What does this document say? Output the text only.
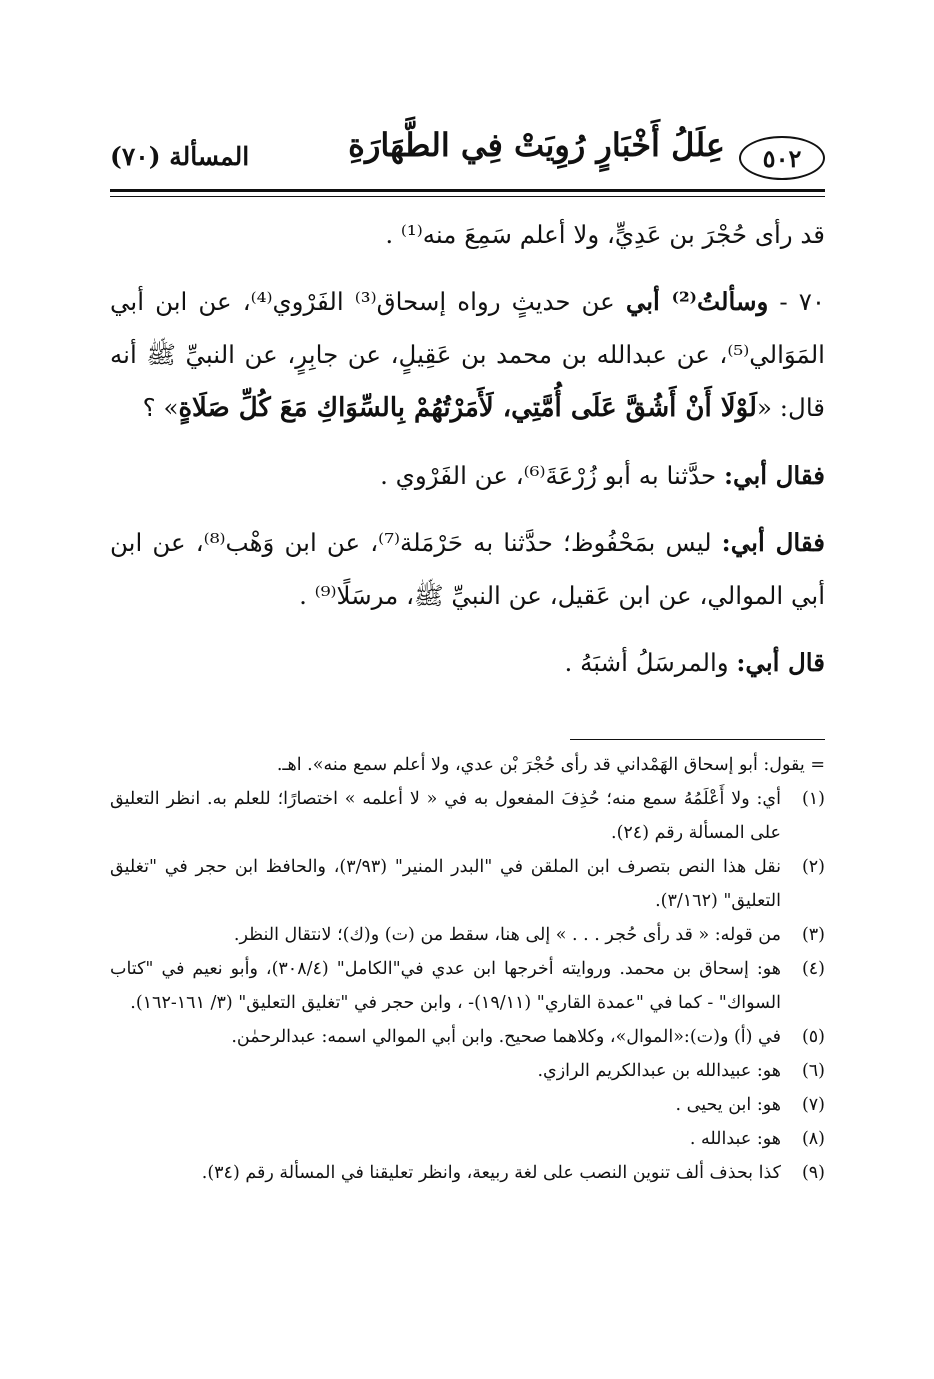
٥٠٢
عِلَلُ أَخْبَارٍ رُوِيَتْ فِي الطَّهَارَةِ
المسألة (٧٠)

قد رأى حُجْرَ بن عَدِيٍّ، ولا أعلم سَمِعَ منه⁽¹⁾ .

٧٠ - وسألتُ⁽²⁾ أبي عن حديثٍ رواه إسحاق⁽³⁾ الفَرْوي⁽⁴⁾، عن ابن أبي المَوَالي⁽⁵⁾، عن عبدالله بن محمد بن عَقِيلٍ، عن جابِرٍ، عن النبيِّ ﷺ أنه قال: «لَوْلَا أَنْ أَشُقَّ عَلَى أُمَّتِي، لَأَمَرْتُهُمْ بِالسِّوَاكِ مَعَ كُلِّ صَلَاةٍ» ؟

فقال أبي: حدَّثنا به أبو زُرْعَةَ⁽⁶⁾، عن الفَرْوي .

فقال أبي: ليس بمَحْفُوظ؛ حدَّثنا به حَرْمَلة⁽⁷⁾، عن ابن وَهْب⁽⁸⁾، عن ابن أبي الموالي، عن ابن عَقيل، عن النبيِّ ﷺ، مرسَلًا⁽⁹⁾ .

قال أبي: والمرسَلُ أشبَهُ .

= يقول: أبو إسحاق الهَمْداني قد رأى حُجْرَ بْن عدي، ولا أعلم سمع منه». اهـ.

(١)
أي: ولا أَعْلَمُهُ سمع منه؛ حُذِفَ المفعول به في « لا أعلمه » اختصارًا؛ للعلم به. انظر التعليق على المسألة رقم (٢٤).
(٢)
نقل هذا النص بتصرف ابن الملقن في "البدر المنير" (٣/٩٣)، والحافظ ابن حجر في "تغليق التعليق" (٣/١٦٢).
(٣)
من قوله: « قد رأى حُجر . . . » إلى هنا، سقط من (ت) و(ك)؛ لانتقال النظر.
(٤)
هو: إسحاق بن محمد. وروايته أخرجها ابن عدي في"الكامل" (٣٠٨/٤)، وأبو نعيم في "كتاب السواك" - كما في "عمدة القاري" (١٩/١١)- ، وابن حجر في "تغليق التعليق" (٣/ ١٦١-١٦٢).
(٥)
في (أ) و(ت):«الموال»، وكلاهما صحيح. وابن أبي الموالي اسمه: عبدالرحمٰن.
(٦)
هو: عبيدالله بن عبدالكريم الرازي.
(٧)
هو: ابن يحيى .
(٨)
هو: عبدالله .
(٩)
كذا بحذف ألف تنوين النصب على لغة ربيعة، وانظر تعليقنا في المسألة رقم (٣٤).
